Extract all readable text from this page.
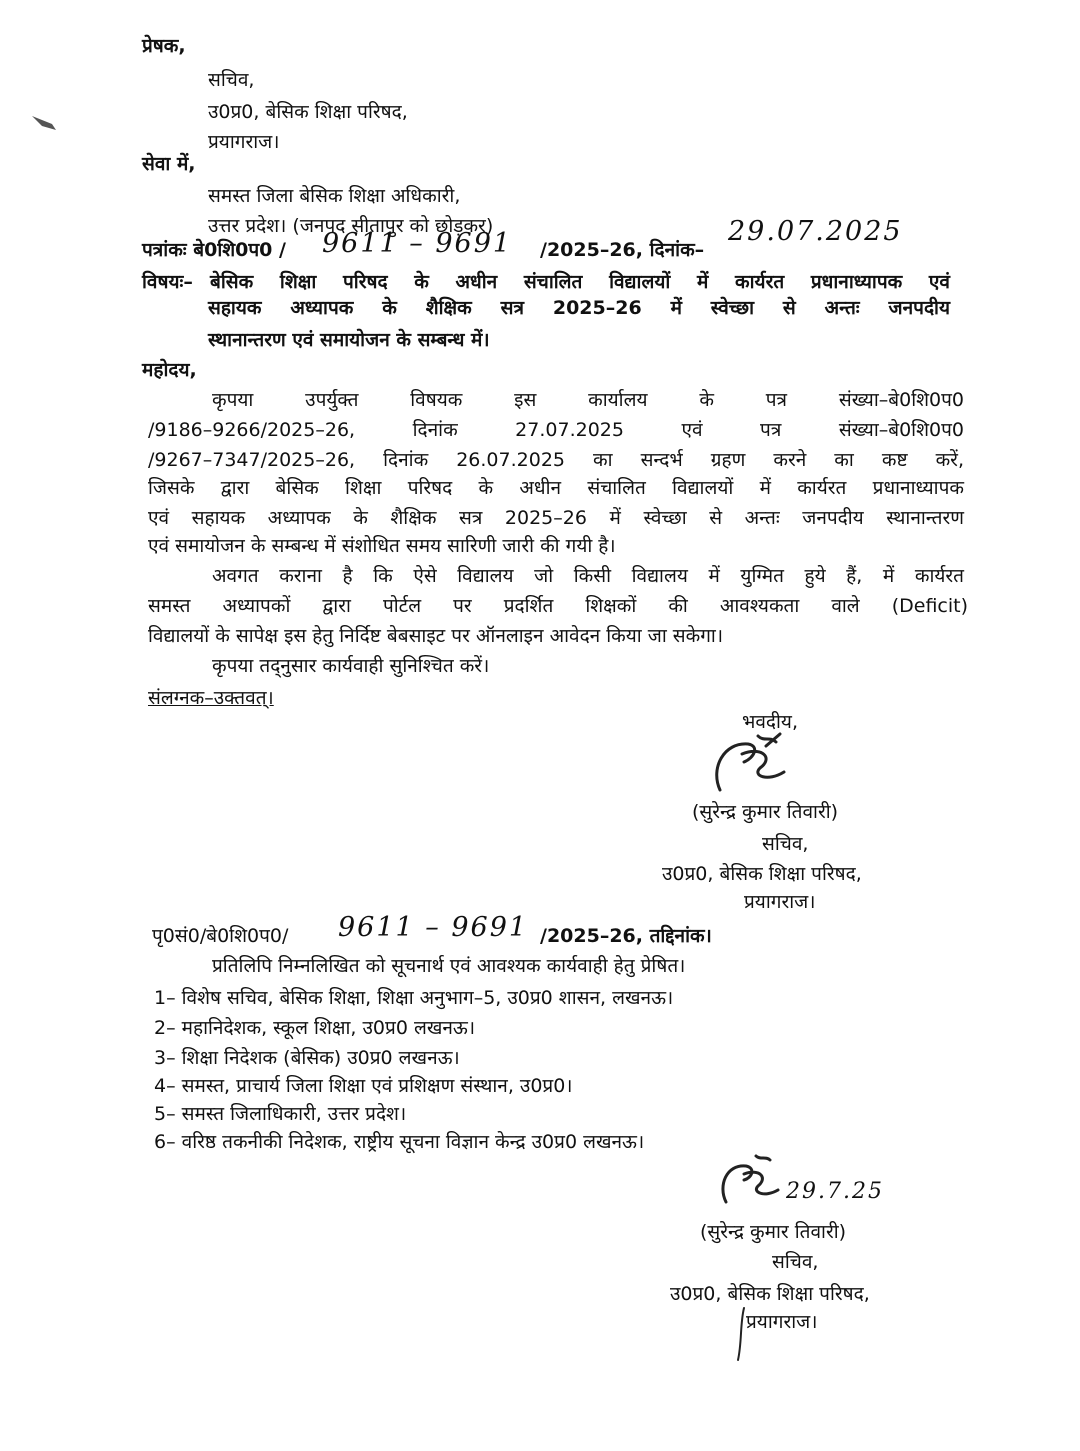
प्रेषक,
सचिव,
उ0प्र0, बेसिक शिक्षा परिषद,
प्रयागराज।
सेवा में,
समस्त जिला बेसिक शिक्षा अधिकारी,
उत्तर प्रदेश। (जनपद सीतापुर को छोड़कर)
पत्रांकः बे0शि0प0 / 9611 – 9691 /2025–26, दिनांक–
29.07.2025
विषयः– बेसिक शिक्षा परिषद के अधीन संचालित विद्यालयों में कार्यरत प्रधानाध्यापक एवं
सहायक अध्यापक के शैक्षिक सत्र 2025–26 में स्वेच्छा से अन्तः जनपदीय
स्थानान्तरण एवं समायोजन के सम्बन्ध में।
महोदय,
कृपया उपर्युक्त विषयक इस कार्यालय के पत्र संख्या–बे0शि0प0
/9186–9266/2025–26, दिनांक 27.07.2025 एवं पत्र संख्या–बे0शि0प0
/9267–7347/2025–26, दिनांक 26.07.2025 का सन्दर्भ ग्रहण करने का कष्ट करें,
जिसके द्वारा बेसिक शिक्षा परिषद के अधीन संचालित विद्यालयों में कार्यरत प्रधानाध्यापक
एवं सहायक अध्यापक के शैक्षिक सत्र 2025–26 में स्वेच्छा से अन्तः जनपदीय स्थानान्तरण
एवं समायोजन के सम्बन्ध में संशोधित समय सारिणी जारी की गयी है।
अवगत कराना है कि ऐसे विद्यालय जो किसी विद्यालय में युग्मित हुये हैं, में कार्यरत
समस्त अध्यापकों द्वारा पोर्टल पर प्रदर्शित शिक्षकों की आवश्यकता वाले (Deficit)
विद्यालयों के सापेक्ष इस हेतु निर्दिष्ट बेबसाइट पर ऑनलाइन आवेदन किया जा सकेगा।
कृपया तद्नुसार कार्यवाही सुनिश्चित करें।
संलग्नक–उक्तवत्।
भवदीय,
(सुरेन्द्र कुमार तिवारी)
सचिव,
उ0प्र0, बेसिक शिक्षा परिषद,
प्रयागराज।
पृ0सं0/बे0शि0प0/ 9611 – 9691 /2025–26, तद्दिनांक।
प्रतिलिपि निम्नलिखित को सूचनार्थ एवं आवश्यक कार्यवाही हेतु प्रेषित।
1– विशेष सचिव, बेसिक शिक्षा, शिक्षा अनुभाग–5, उ0प्र0 शासन, लखनऊ।
2– महानिदेशक, स्कूल शिक्षा, उ0प्र0 लखनऊ।
3– शिक्षा निदेशक (बेसिक) उ0प्र0 लखनऊ।
4– समस्त, प्राचार्य जिला शिक्षा एवं प्रशिक्षण संस्थान, उ0प्र0।
5– समस्त जिलाधिकारी, उत्तर प्रदेश।
6– वरिष्ठ तकनीकी निदेशक, राष्ट्रीय सूचना विज्ञान केन्द्र उ0प्र0 लखनऊ।
29.7.25
(सुरेन्द्र कुमार तिवारी)
सचिव,
उ0प्र0, बेसिक शिक्षा परिषद,
प्रयागराज।
